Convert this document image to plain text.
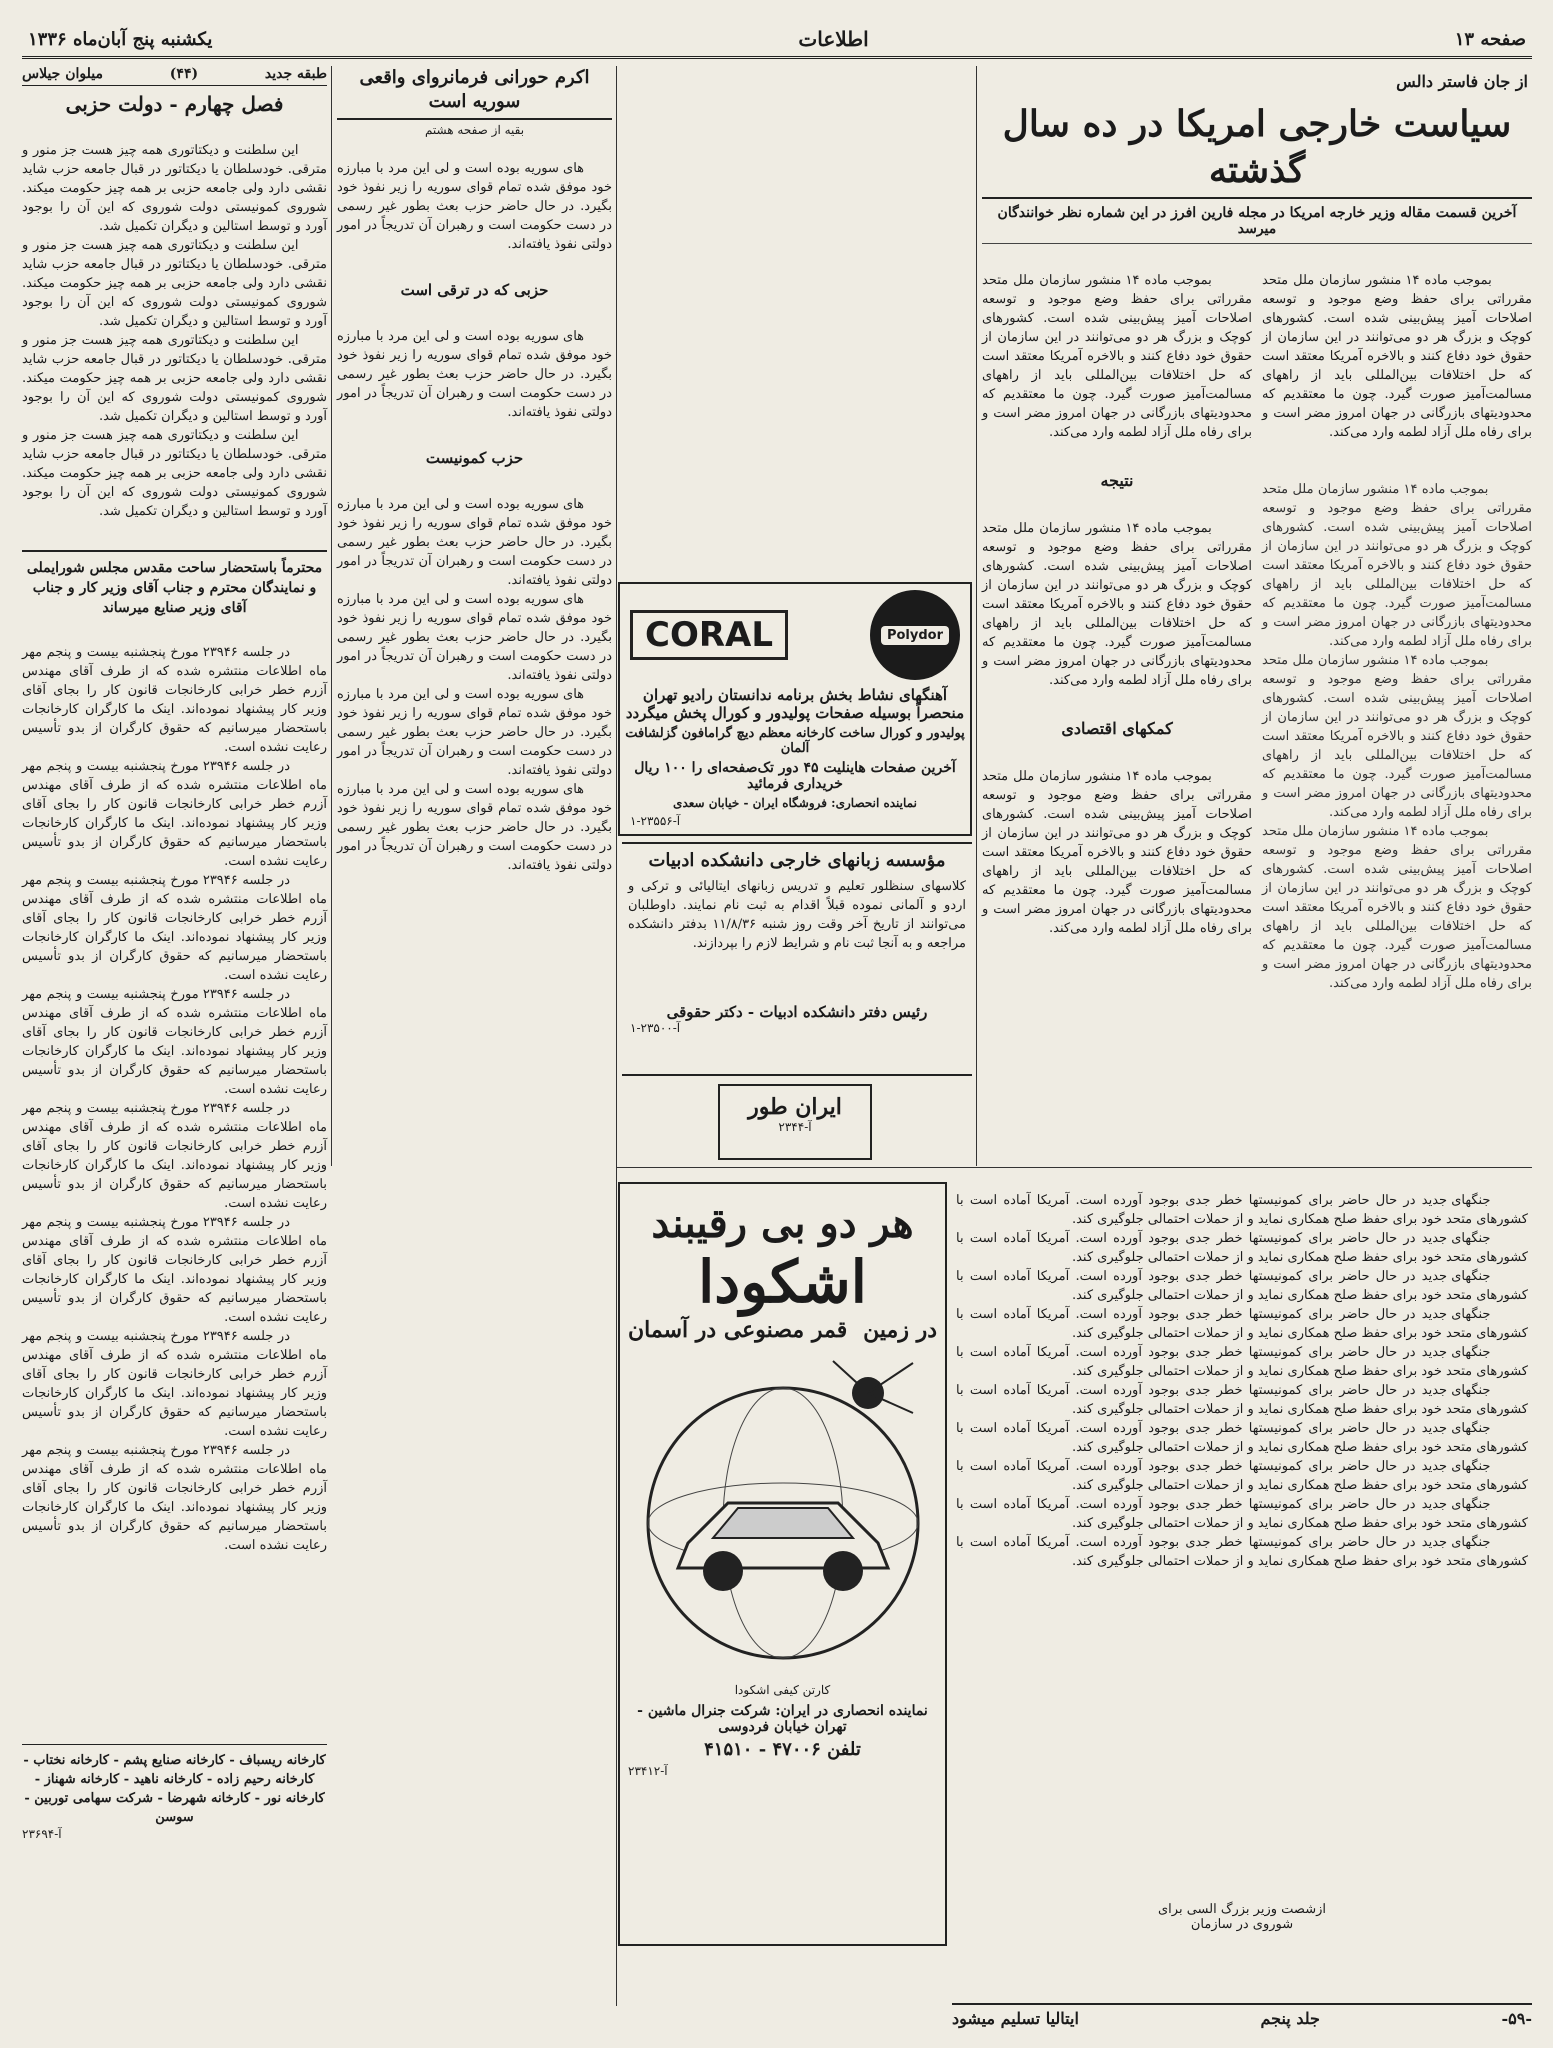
صفحه ۱۳
اطلاعات
یکشنبه پنج آبان‌ماه ۱۳۳۶
از جان فاستر دالس
سیاست خارجی امریکا در ده سال گذشته
آخرین قسمت مقاله وزیر خارجه امریکا در مجله فارین افرز در این شماره نظر خوانندگان میرسد

بموجب ماده ۱۴ منشور سازمان ملل متحد مقرراتی برای حفظ وضع موجود و توسعه اصلاحات آمیز پیش‌بینی شده است. کشورهای کوچک و بزرگ هر دو می‌توانند در این سازمان از حقوق خود دفاع کنند و بالاخره آمریکا معتقد است که حل اختلافات بین‌المللی باید از راههای مسالمت‌آمیز صورت گیرد. چون ما معتقدیم که محدودیتهای بازرگانی در جهان امروز مضر است و برای رفاه ملل آزاد لطمه وارد می‌کند.

بموجب ماده ۱۴ منشور سازمان ملل متحد مقرراتی برای حفظ وضع موجود و توسعه اصلاحات آمیز پیش‌بینی شده است. کشورهای کوچک و بزرگ هر دو می‌توانند در این سازمان از حقوق خود دفاع کنند و بالاخره آمریکا معتقد است که حل اختلافات بین‌المللی باید از راههای مسالمت‌آمیز صورت گیرد. چون ما معتقدیم که محدودیتهای بازرگانی در جهان امروز مضر است و برای رفاه ملل آزاد لطمه وارد می‌کند.
بموجب ماده ۱۴ منشور سازمان ملل متحد مقرراتی برای حفظ وضع موجود و توسعه اصلاحات آمیز پیش‌بینی شده است. کشورهای کوچک و بزرگ هر دو می‌توانند در این سازمان از حقوق خود دفاع کنند و بالاخره آمریکا معتقد است که حل اختلافات بین‌المللی باید از راههای مسالمت‌آمیز صورت گیرد. چون ما معتقدیم که محدودیتهای بازرگانی در جهان امروز مضر است و برای رفاه ملل آزاد لطمه وارد می‌کند.
بموجب ماده ۱۴ منشور سازمان ملل متحد مقرراتی برای حفظ وضع موجود و توسعه اصلاحات آمیز پیش‌بینی شده است. کشورهای کوچک و بزرگ هر دو می‌توانند در این سازمان از حقوق خود دفاع کنند و بالاخره آمریکا معتقد است که حل اختلافات بین‌المللی باید از راههای مسالمت‌آمیز صورت گیرد. چون ما معتقدیم که محدودیتهای بازرگانی در جهان امروز مضر است و برای رفاه ملل آزاد لطمه وارد می‌کند.

بموجب ماده ۱۴ منشور سازمان ملل متحد مقرراتی برای حفظ وضع موجود و توسعه اصلاحات آمیز پیش‌بینی شده است. کشورهای کوچک و بزرگ هر دو می‌توانند در این سازمان از حقوق خود دفاع کنند و بالاخره آمریکا معتقد است که حل اختلافات بین‌المللی باید از راههای مسالمت‌آمیز صورت گیرد. چون ما معتقدیم که محدودیتهای بازرگانی در جهان امروز مضر است و برای رفاه ملل آزاد لطمه وارد می‌کند.

نتیجه

بموجب ماده ۱۴ منشور سازمان ملل متحد مقرراتی برای حفظ وضع موجود و توسعه اصلاحات آمیز پیش‌بینی شده است. کشورهای کوچک و بزرگ هر دو می‌توانند در این سازمان از حقوق خود دفاع کنند و بالاخره آمریکا معتقد است که حل اختلافات بین‌المللی باید از راههای مسالمت‌آمیز صورت گیرد. چون ما معتقدیم که محدودیتهای بازرگانی در جهان امروز مضر است و برای رفاه ملل آزاد لطمه وارد می‌کند.

کمکهای اقتصادی

بموجب ماده ۱۴ منشور سازمان ملل متحد مقرراتی برای حفظ وضع موجود و توسعه اصلاحات آمیز پیش‌بینی شده است. کشورهای کوچک و بزرگ هر دو می‌توانند در این سازمان از حقوق خود دفاع کنند و بالاخره آمریکا معتقد است که حل اختلافات بین‌المللی باید از راههای مسالمت‌آمیز صورت گیرد. چون ما معتقدیم که محدودیتهای بازرگانی در جهان امروز مضر است و برای رفاه ملل آزاد لطمه وارد می‌کند.

CORAL	Polydor
آهنگهای نشاط بخش برنامه ندانستان رادیو تهران
منحصراً بوسیله صفحات پولیدور و کورال پخش میگردد
پولیدور و کورال ساخت کارخانه معظم دیچ گرامافون گزلشافت آلمان
آخرین صفحات هاینلیت ۴۵ دور تک‌صفحه‌ای را ۱۰۰ ریال خریداری فرمائید
نماینده انحصاری: فروشگاه ایران - خیابان سعدی
آ-۲۳۵۵۶-۱
مؤسسه زبانهای خارجی دانشکده ادبیات
کلاسهای سنظلور تعلیم و تدریس زبانهای ایتالیائی و ترکی و اردو و آلمانی نموده قبلاً اقدام به ثبت نام نمایند. داوطلبان می‌توانند از تاریخ آخر وقت روز شنبه ۱۱/۸/۳۶ بدفتر دانشکده مراجعه و به آنجا ثبت نام و شرایط لازم را بپردازند.
رئیس دفتر دانشکده ادبیات - دکتر حقوقی
آ-۲۳۵۰۰-۱
ایران طور
آ-۲۳۴۴
اکرم حورانی فرمانروای واقعی سوریه است
بقیه از صفحه هشتم

های سوریه بوده است و لی این مرد با مبارزه خود موفق شده تمام قوای سوریه را زیر نفوذ خود بگیرد. در حال حاضر حزب بعث بطور غیر رسمی در دست حکومت است و رهبران آن تدریجاً در امور دولتی نفوذ یافته‌اند.

حزبی که در ترقی است

های سوریه بوده است و لی این مرد با مبارزه خود موفق شده تمام قوای سوریه را زیر نفوذ خود بگیرد. در حال حاضر حزب بعث بطور غیر رسمی در دست حکومت است و رهبران آن تدریجاً در امور دولتی نفوذ یافته‌اند.

حزب کمونیست

های سوریه بوده است و لی این مرد با مبارزه خود موفق شده تمام قوای سوریه را زیر نفوذ خود بگیرد. در حال حاضر حزب بعث بطور غیر رسمی در دست حکومت است و رهبران آن تدریجاً در امور دولتی نفوذ یافته‌اند.
های سوریه بوده است و لی این مرد با مبارزه خود موفق شده تمام قوای سوریه را زیر نفوذ خود بگیرد. در حال حاضر حزب بعث بطور غیر رسمی در دست حکومت است و رهبران آن تدریجاً در امور دولتی نفوذ یافته‌اند.
های سوریه بوده است و لی این مرد با مبارزه خود موفق شده تمام قوای سوریه را زیر نفوذ خود بگیرد. در حال حاضر حزب بعث بطور غیر رسمی در دست حکومت است و رهبران آن تدریجاً در امور دولتی نفوذ یافته‌اند.
های سوریه بوده است و لی این مرد با مبارزه خود موفق شده تمام قوای سوریه را زیر نفوذ خود بگیرد. در حال حاضر حزب بعث بطور غیر رسمی در دست حکومت است و رهبران آن تدریجاً در امور دولتی نفوذ یافته‌اند.

طبقه جدید
(۴۴)
میلوان جیلاس
فصل چهارم - دولت حزبی

این سلطنت و دیکتاتوری همه چیز هست جز منور و مترقی. خودسلطان یا دیکتاتور در قبال جامعه حزب شاید نقشی دارد ولی جامعه حزبی بر همه چیز حکومت میکند. شوروی کمونیستی دولت شوروی که این آن را بوجود آورد و توسط استالین و دیگران تکمیل شد.
این سلطنت و دیکتاتوری همه چیز هست جز منور و مترقی. خودسلطان یا دیکتاتور در قبال جامعه حزب شاید نقشی دارد ولی جامعه حزبی بر همه چیز حکومت میکند. شوروی کمونیستی دولت شوروی که این آن را بوجود آورد و توسط استالین و دیگران تکمیل شد.
این سلطنت و دیکتاتوری همه چیز هست جز منور و مترقی. خودسلطان یا دیکتاتور در قبال جامعه حزب شاید نقشی دارد ولی جامعه حزبی بر همه چیز حکومت میکند. شوروی کمونیستی دولت شوروی که این آن را بوجود آورد و توسط استالین و دیگران تکمیل شد.
این سلطنت و دیکتاتوری همه چیز هست جز منور و مترقی. خودسلطان یا دیکتاتور در قبال جامعه حزب شاید نقشی دارد ولی جامعه حزبی بر همه چیز حکومت میکند. شوروی کمونیستی دولت شوروی که این آن را بوجود آورد و توسط استالین و دیگران تکمیل شد.

محترماً باستحضار ساحت مقدس مجلس شورایملی و نمایندگان محترم و جناب آقای وزیر کار و جناب آقای وزیر صنایع میرساند

در جلسه ۲۳۹۴۶ مورخ پنجشنبه بیست و پنجم مهر ماه اطلاعات منتشره شده که از طرف آقای مهندس آزرم خطر خرابی کارخانجات قانون کار را بجای آقای وزیر کار پیشنهاد نموده‌اند. اینک ما کارگران کارخانجات باستحضار میرسانیم که حقوق کارگران از بدو تأسیس رعایت نشده است.
در جلسه ۲۳۹۴۶ مورخ پنجشنبه بیست و پنجم مهر ماه اطلاعات منتشره شده که از طرف آقای مهندس آزرم خطر خرابی کارخانجات قانون کار را بجای آقای وزیر کار پیشنهاد نموده‌اند. اینک ما کارگران کارخانجات باستحضار میرسانیم که حقوق کارگران از بدو تأسیس رعایت نشده است.
در جلسه ۲۳۹۴۶ مورخ پنجشنبه بیست و پنجم مهر ماه اطلاعات منتشره شده که از طرف آقای مهندس آزرم خطر خرابی کارخانجات قانون کار را بجای آقای وزیر کار پیشنهاد نموده‌اند. اینک ما کارگران کارخانجات باستحضار میرسانیم که حقوق کارگران از بدو تأسیس رعایت نشده است.
در جلسه ۲۳۹۴۶ مورخ پنجشنبه بیست و پنجم مهر ماه اطلاعات منتشره شده که از طرف آقای مهندس آزرم خطر خرابی کارخانجات قانون کار را بجای آقای وزیر کار پیشنهاد نموده‌اند. اینک ما کارگران کارخانجات باستحضار میرسانیم که حقوق کارگران از بدو تأسیس رعایت نشده است.
در جلسه ۲۳۹۴۶ مورخ پنجشنبه بیست و پنجم مهر ماه اطلاعات منتشره شده که از طرف آقای مهندس آزرم خطر خرابی کارخانجات قانون کار را بجای آقای وزیر کار پیشنهاد نموده‌اند. اینک ما کارگران کارخانجات باستحضار میرسانیم که حقوق کارگران از بدو تأسیس رعایت نشده است.
در جلسه ۲۳۹۴۶ مورخ پنجشنبه بیست و پنجم مهر ماه اطلاعات منتشره شده که از طرف آقای مهندس آزرم خطر خرابی کارخانجات قانون کار را بجای آقای وزیر کار پیشنهاد نموده‌اند. اینک ما کارگران کارخانجات باستحضار میرسانیم که حقوق کارگران از بدو تأسیس رعایت نشده است.
در جلسه ۲۳۹۴۶ مورخ پنجشنبه بیست و پنجم مهر ماه اطلاعات منتشره شده که از طرف آقای مهندس آزرم خطر خرابی کارخانجات قانون کار را بجای آقای وزیر کار پیشنهاد نموده‌اند. اینک ما کارگران کارخانجات باستحضار میرسانیم که حقوق کارگران از بدو تأسیس رعایت نشده است.
در جلسه ۲۳۹۴۶ مورخ پنجشنبه بیست و پنجم مهر ماه اطلاعات منتشره شده که از طرف آقای مهندس آزرم خطر خرابی کارخانجات قانون کار را بجای آقای وزیر کار پیشنهاد نموده‌اند. اینک ما کارگران کارخانجات باستحضار میرسانیم که حقوق کارگران از بدو تأسیس رعایت نشده است.

کارخانه ریسباف - کارخانه صنایع پشم - کارخانه نختاب - کارخانه رحیم زاده - کارخانه ناهید - کارخانه شهناز - کارخانه نور - کارخانه شهرضا - شرکت سهامی توربین - سوسن
آ-۲۳۶۹۴

جنگهای جدید در حال حاضر برای کمونیستها خطر جدی بوجود آورده است. آمریکا آماده است با کشورهای متحد خود برای حفظ صلح همکاری نماید و از حملات احتمالی جلوگیری کند.
جنگهای جدید در حال حاضر برای کمونیستها خطر جدی بوجود آورده است. آمریکا آماده است با کشورهای متحد خود برای حفظ صلح همکاری نماید و از حملات احتمالی جلوگیری کند.
جنگهای جدید در حال حاضر برای کمونیستها خطر جدی بوجود آورده است. آمریکا آماده است با کشورهای متحد خود برای حفظ صلح همکاری نماید و از حملات احتمالی جلوگیری کند.
جنگهای جدید در حال حاضر برای کمونیستها خطر جدی بوجود آورده است. آمریکا آماده است با کشورهای متحد خود برای حفظ صلح همکاری نماید و از حملات احتمالی جلوگیری کند.
جنگهای جدید در حال حاضر برای کمونیستها خطر جدی بوجود آورده است. آمریکا آماده است با کشورهای متحد خود برای حفظ صلح همکاری نماید و از حملات احتمالی جلوگیری کند.
جنگهای جدید در حال حاضر برای کمونیستها خطر جدی بوجود آورده است. آمریکا آماده است با کشورهای متحد خود برای حفظ صلح همکاری نماید و از حملات احتمالی جلوگیری کند.
جنگهای جدید در حال حاضر برای کمونیستها خطر جدی بوجود آورده است. آمریکا آماده است با کشورهای متحد خود برای حفظ صلح همکاری نماید و از حملات احتمالی جلوگیری کند.
جنگهای جدید در حال حاضر برای کمونیستها خطر جدی بوجود آورده است. آمریکا آماده است با کشورهای متحد خود برای حفظ صلح همکاری نماید و از حملات احتمالی جلوگیری کند.
جنگهای جدید در حال حاضر برای کمونیستها خطر جدی بوجود آورده است. آمریکا آماده است با کشورهای متحد خود برای حفظ صلح همکاری نماید و از حملات احتمالی جلوگیری کند.
جنگهای جدید در حال حاضر برای کمونیستها خطر جدی بوجود آورده است. آمریکا آماده است با کشورهای متحد خود برای حفظ صلح همکاری نماید و از حملات احتمالی جلوگیری کند.

ازشصت وزیر بزرگ السی برای
شوروی در سازمان
هر دو بی رقیبند
اشکودا
در زمین
قمر مصنوعی در آسمان
کارتن کیفی اشکودا
نماینده انحصاری در ایران: شرکت جنرال ماشین - تهران خیابان فردوسی
تلفن ۴۷۰۰۶ - ۴۱۵۱۰
آ-۲۳۴۱۲
-۵۹-
جلد پنجم
ایتالیا تسلیم میشود
